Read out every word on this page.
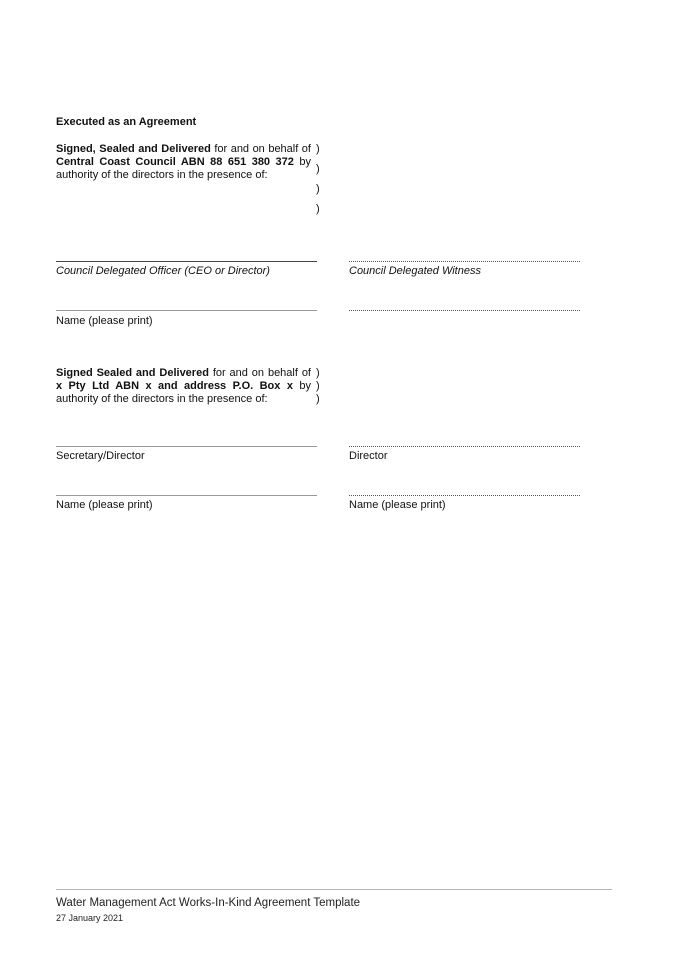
Executed as an Agreement

Signed, Sealed and Delivered for and on behalf of Central Coast Council ABN 88 651 380 372 by authority of the directors in the presence of:

)
)
)
)
Council Delegated Officer (CEO or Director)	Council Delegated Witness
Name (please print)

Signed Sealed and Delivered for and on behalf of x Pty Ltd ABN x and address P.O. Box x by authority of the directors in the presence of:

)
)
)
Secretary/Director	Director
Name (please print)	Name (please print)
Water Management Act Works-In-Kind Agreement Template
27 January 2021
